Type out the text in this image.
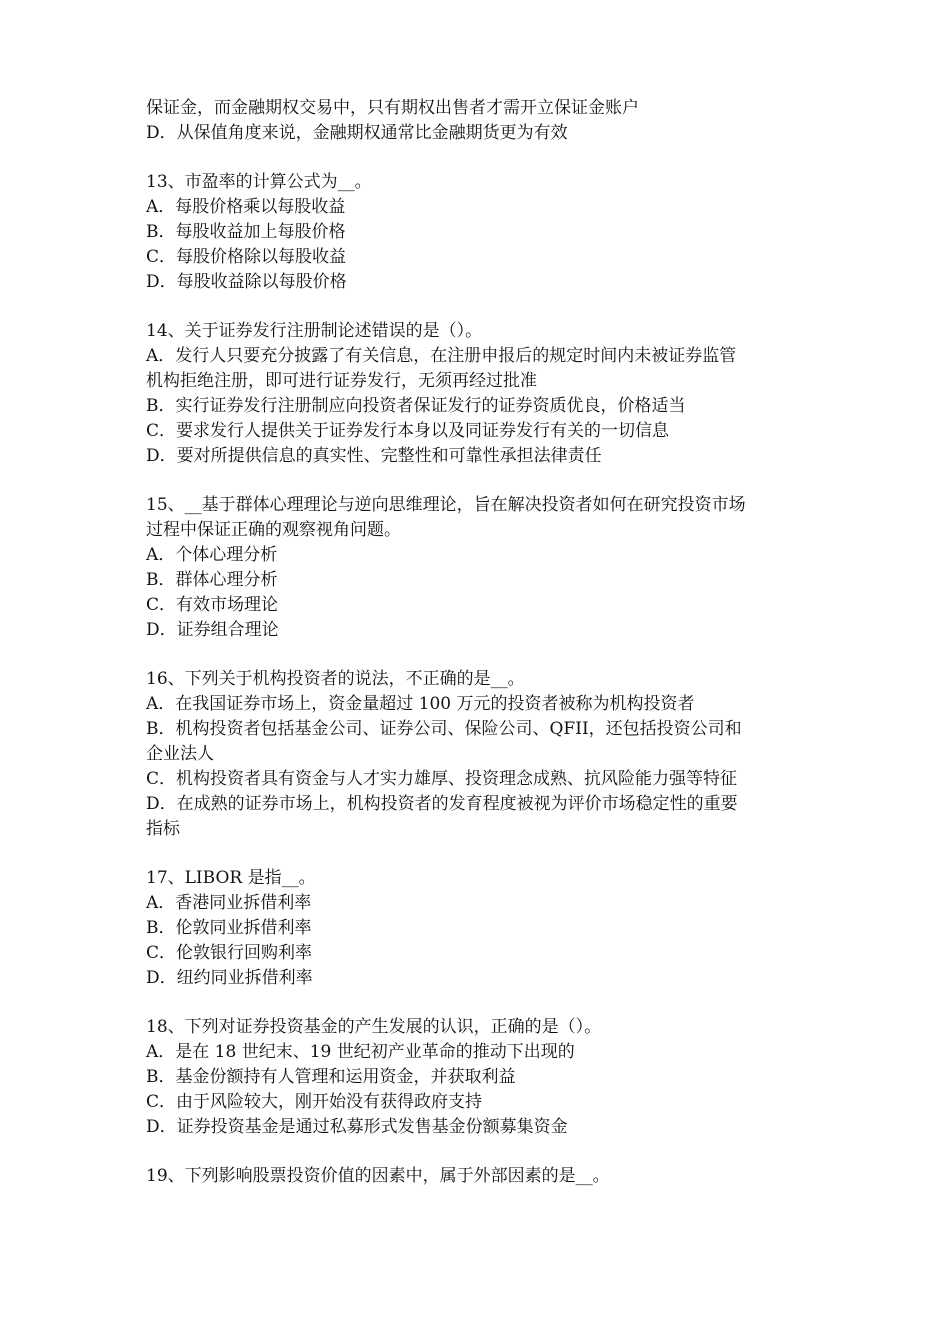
保证金，而金融期权交易中，只有期权出售者才需开立保证金账户
D．从保值角度来说，金融期权通常比金融期货更为有效
13、市盈率的计算公式为__。
A．每股价格乘以每股收益
B．每股收益加上每股价格
C．每股价格除以每股收益
D．每股收益除以每股价格
14、关于证券发行注册制论述错误的是（）。
A．发行人只要充分披露了有关信息，在注册申报后的规定时间内未被证券监管
机构拒绝注册，即可进行证券发行，无须再经过批准
B．实行证券发行注册制应向投资者保证发行的证券资质优良，价格适当
C．要求发行人提供关于证券发行本身以及同证券发行有关的一切信息
D．要对所提供信息的真实性、完整性和可靠性承担法律责任
15、__基于群体心理理论与逆向思维理论，旨在解决投资者如何在研究投资市场
过程中保证正确的观察视角问题。
A．个体心理分析
B．群体心理分析
C．有效市场理论
D．证券组合理论
16、下列关于机构投资者的说法，不正确的是__。
A．在我国证券市场上，资金量超过 100 万元的投资者被称为机构投资者
B．机构投资者包括基金公司、证券公司、保险公司、QFII，还包括投资公司和
企业法人
C．机构投资者具有资金与人才实力雄厚、投资理念成熟、抗风险能力强等特征
D．在成熟的证券市场上，机构投资者的发育程度被视为评价市场稳定性的重要
指标
17、LIBOR 是指__。
A．香港同业拆借利率
B．伦敦同业拆借利率
C．伦敦银行回购利率
D．纽约同业拆借利率
18、下列对证券投资基金的产生发展的认识，正确的是（）。
A．是在 18 世纪末、19 世纪初产业革命的推动下出现的
B．基金份额持有人管理和运用资金，并获取利益
C．由于风险较大，刚开始没有获得政府支持
D．证券投资基金是通过私募形式发售基金份额募集资金
19、下列影响股票投资价值的因素中，属于外部因素的是__。
